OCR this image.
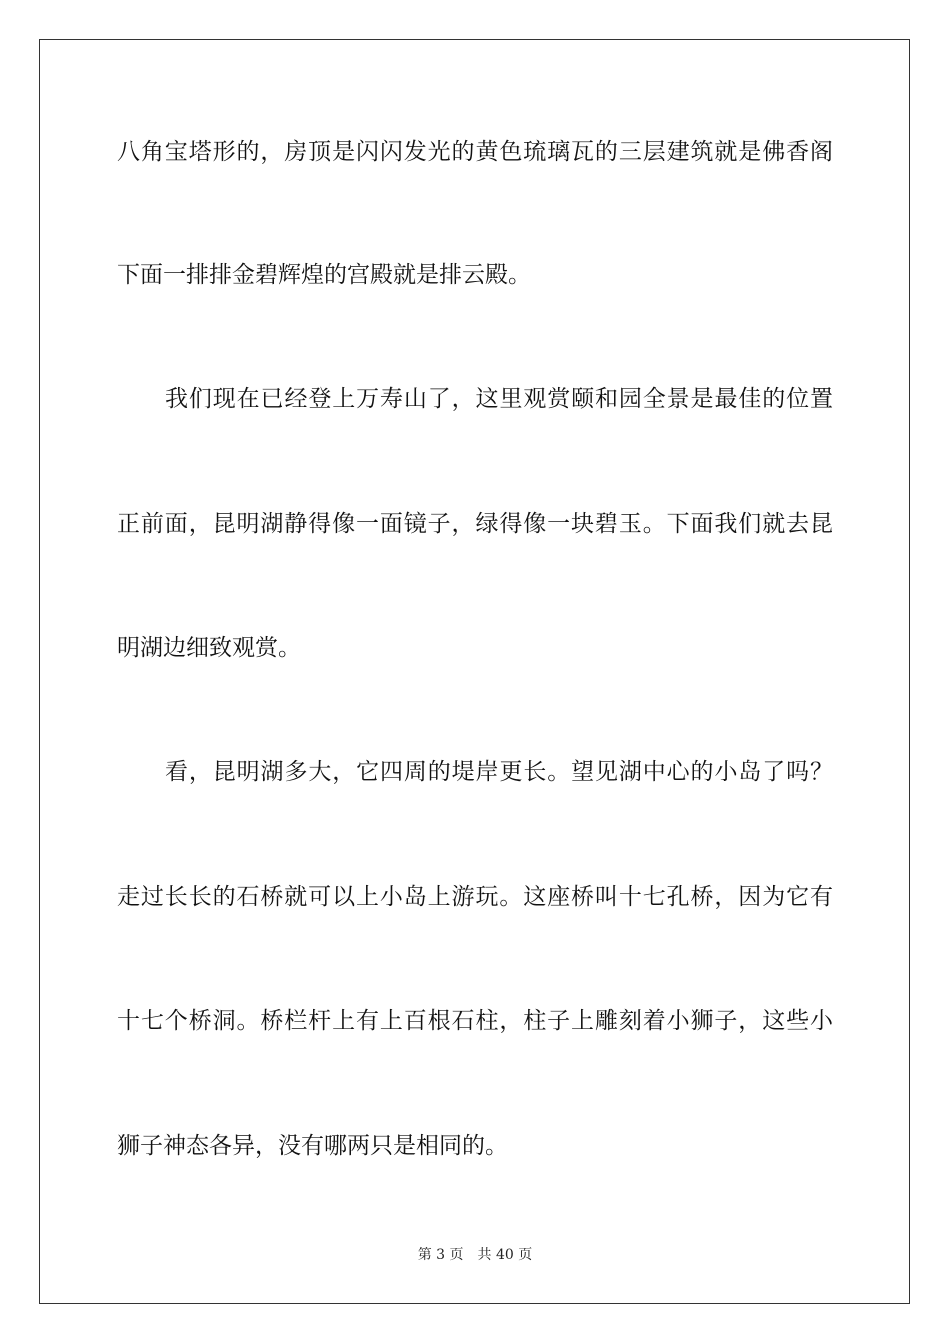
八角宝塔形的，房顶是闪闪发光的黄色琉璃瓦的三层建筑就是佛香阁
下面一排排金碧辉煌的宫殿就是排云殿。
我们现在已经登上万寿山了，这里观赏颐和园全景是最佳的位置
正前面，昆明湖静得像一面镜子，绿得像一块碧玉。下面我们就去昆
明湖边细致观赏。
看，昆明湖多大，它四周的堤岸更长。望见湖中心的小岛了吗？
走过长长的石桥就可以上小岛上游玩。这座桥叫十七孔桥，因为它有
十七个桥洞。桥栏杆上有上百根石柱，柱子上雕刻着小狮子，这些小
狮子神态各异，没有哪两只是相同的。
第 3 页 共 40 页
